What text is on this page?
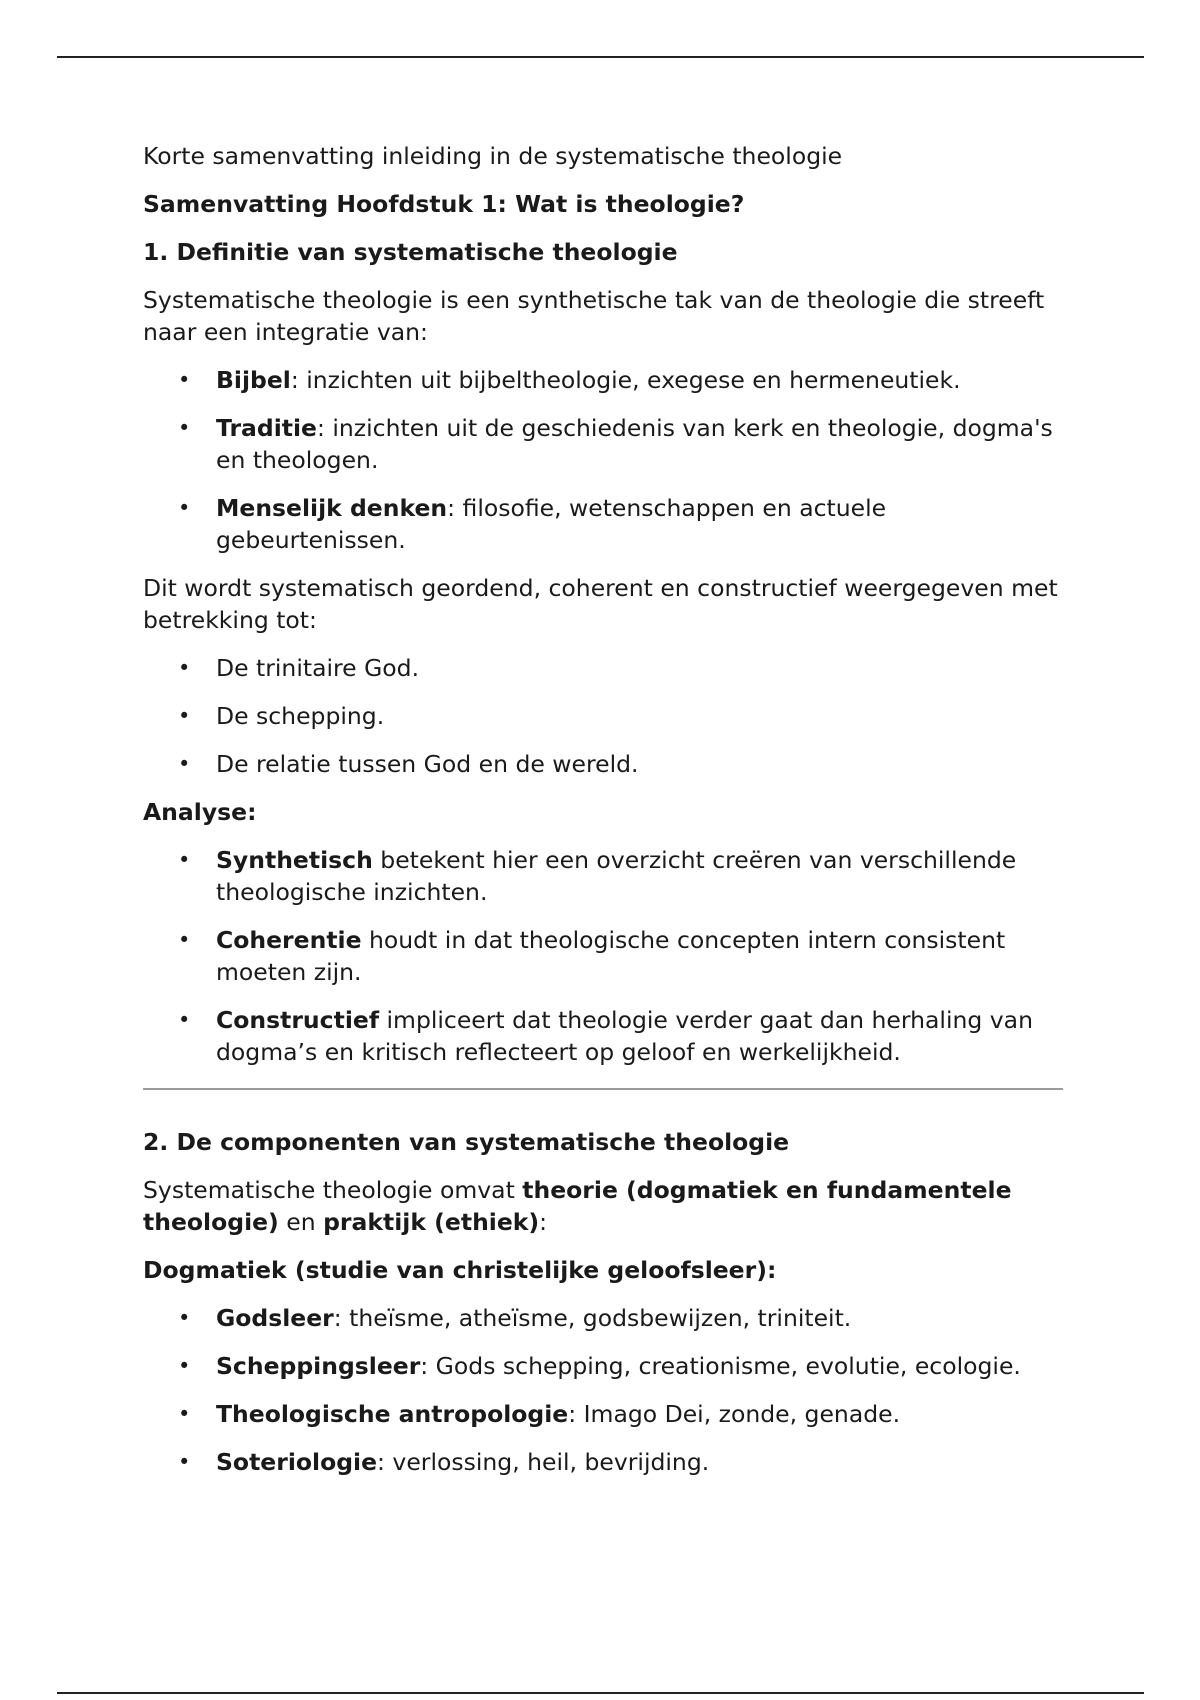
Korte samenvatting inleiding in de systematische theologie

Samenvatting Hoofdstuk 1: Wat is theologie?

1. Definitie van systematische theologie

Systematische theologie is een synthetische tak van de theologie die streeft naar een integratie van:

• Bijbel: inzichten uit bijbeltheologie, exegese en hermeneutiek.
• Traditie: inzichten uit de geschiedenis van kerk en theologie, dogma's en theologen.
• Menselijk denken: filosofie, wetenschappen en actuele gebeurtenissen.

Dit wordt systematisch geordend, coherent en constructief weergegeven met betrekking tot:

• De trinitaire God.
• De schepping.
• De relatie tussen God en de wereld.

Analyse:

• Synthetisch betekent hier een overzicht creëren van verschillende theologische inzichten.
• Coherentie houdt in dat theologische concepten intern consistent moeten zijn.
• Constructief impliceert dat theologie verder gaat dan herhaling van dogma’s en kritisch reflecteert op geloof en werkelijkheid.

2. De componenten van systematische theologie

Systematische theologie omvat theorie (dogmatiek en fundamentele theologie) en praktijk (ethiek):

Dogmatiek (studie van christelijke geloofsleer):

• Godsleer: theïsme, atheïsme, godsbewijzen, triniteit.
• Scheppingsleer: Gods schepping, creationisme, evolutie, ecologie.
• Theologische antropologie: Imago Dei, zonde, genade.
• Soteriologie: verlossing, heil, bevrijding.
